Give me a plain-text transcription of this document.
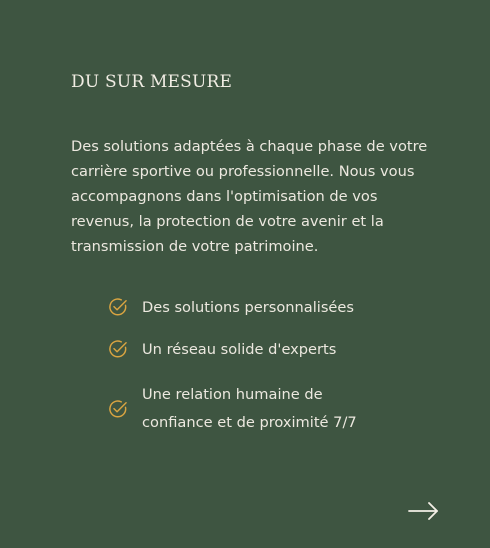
DU SUR MESURE

Des solutions adaptées à chaque phase de votre carrière sportive ou professionnelle. Nous vous accompagnons dans l'optimisation de vos revenus, la protection de votre avenir et la transmission de votre patrimoine.

Des solutions personnalisées
Un réseau solide d'experts
Une relation humaine de confiance et de proximité 7/7
